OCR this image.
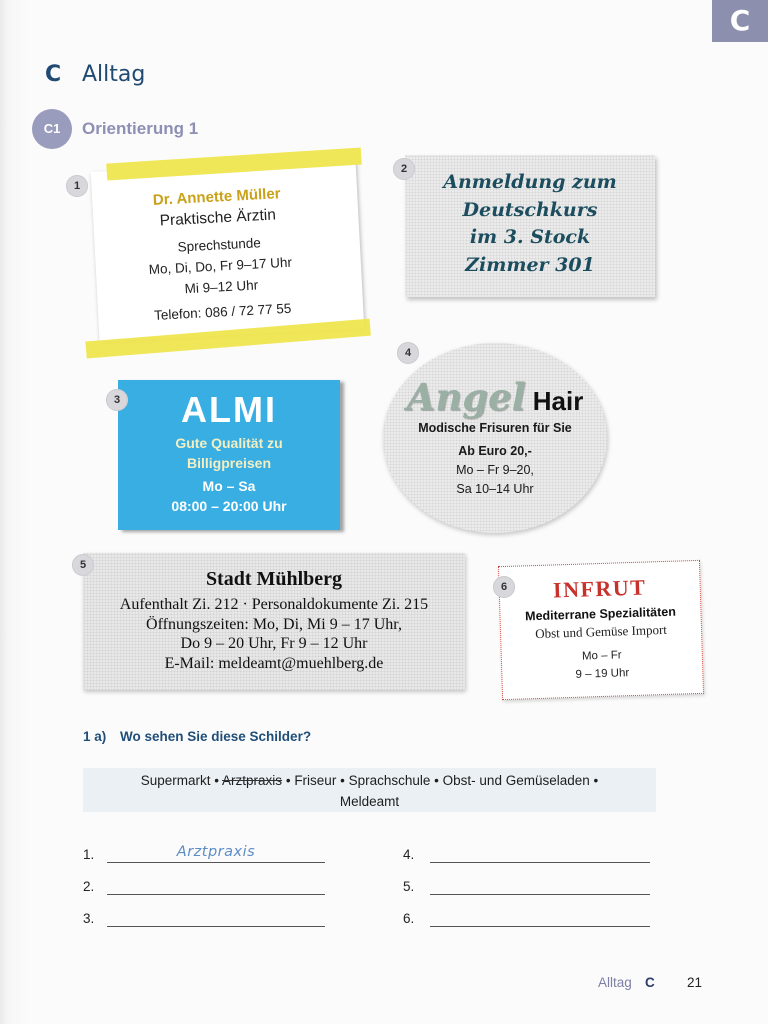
C
C Alltag
C1	Orientierung 1
1	Dr. Annette Müller
Praktische Ärztin
Sprechstunde
Mo, Di, Do, Fr 9–17 Uhr
Mi 9–12 Uhr
Telefon: 086 / 72 77 55
Anmeldung zum
Deutschkurs
im 3. Stock
Zimmer 301
2
ALMI
Gute Qualität zu
Billigpreisen
Mo – Sa
08:00 – 20:00 Uhr
3	Angel Hair
Modische Frisuren für Sie
Ab Euro 20,-
Mo – Fr 9–20,
Sa 10–14 Uhr
4
Stadt Mühlberg
Aufenthalt Zi. 212 · Personaldokumente Zi. 215
Öffnungszeiten: Mo, Di, Mi 9 – 17 Uhr,
Do 9 – 20 Uhr, Fr 9 – 12 Uhr
E-Mail: meldeamt@muehlberg.de
5
INFRUT
Mediterrane Spezialitäten
Obst und Gemüse Import
Mo – Fr
9 – 19 Uhr
6
1 a) Wo sehen Sie diese Schilder?
Supermarkt • Arztpraxis • Friseur • Sprachschule • Obst- und Gemüseladen •
Meldeamt
1.	Arztpraxis
2.
3.
4.
5.
6.
Alltag C 21
